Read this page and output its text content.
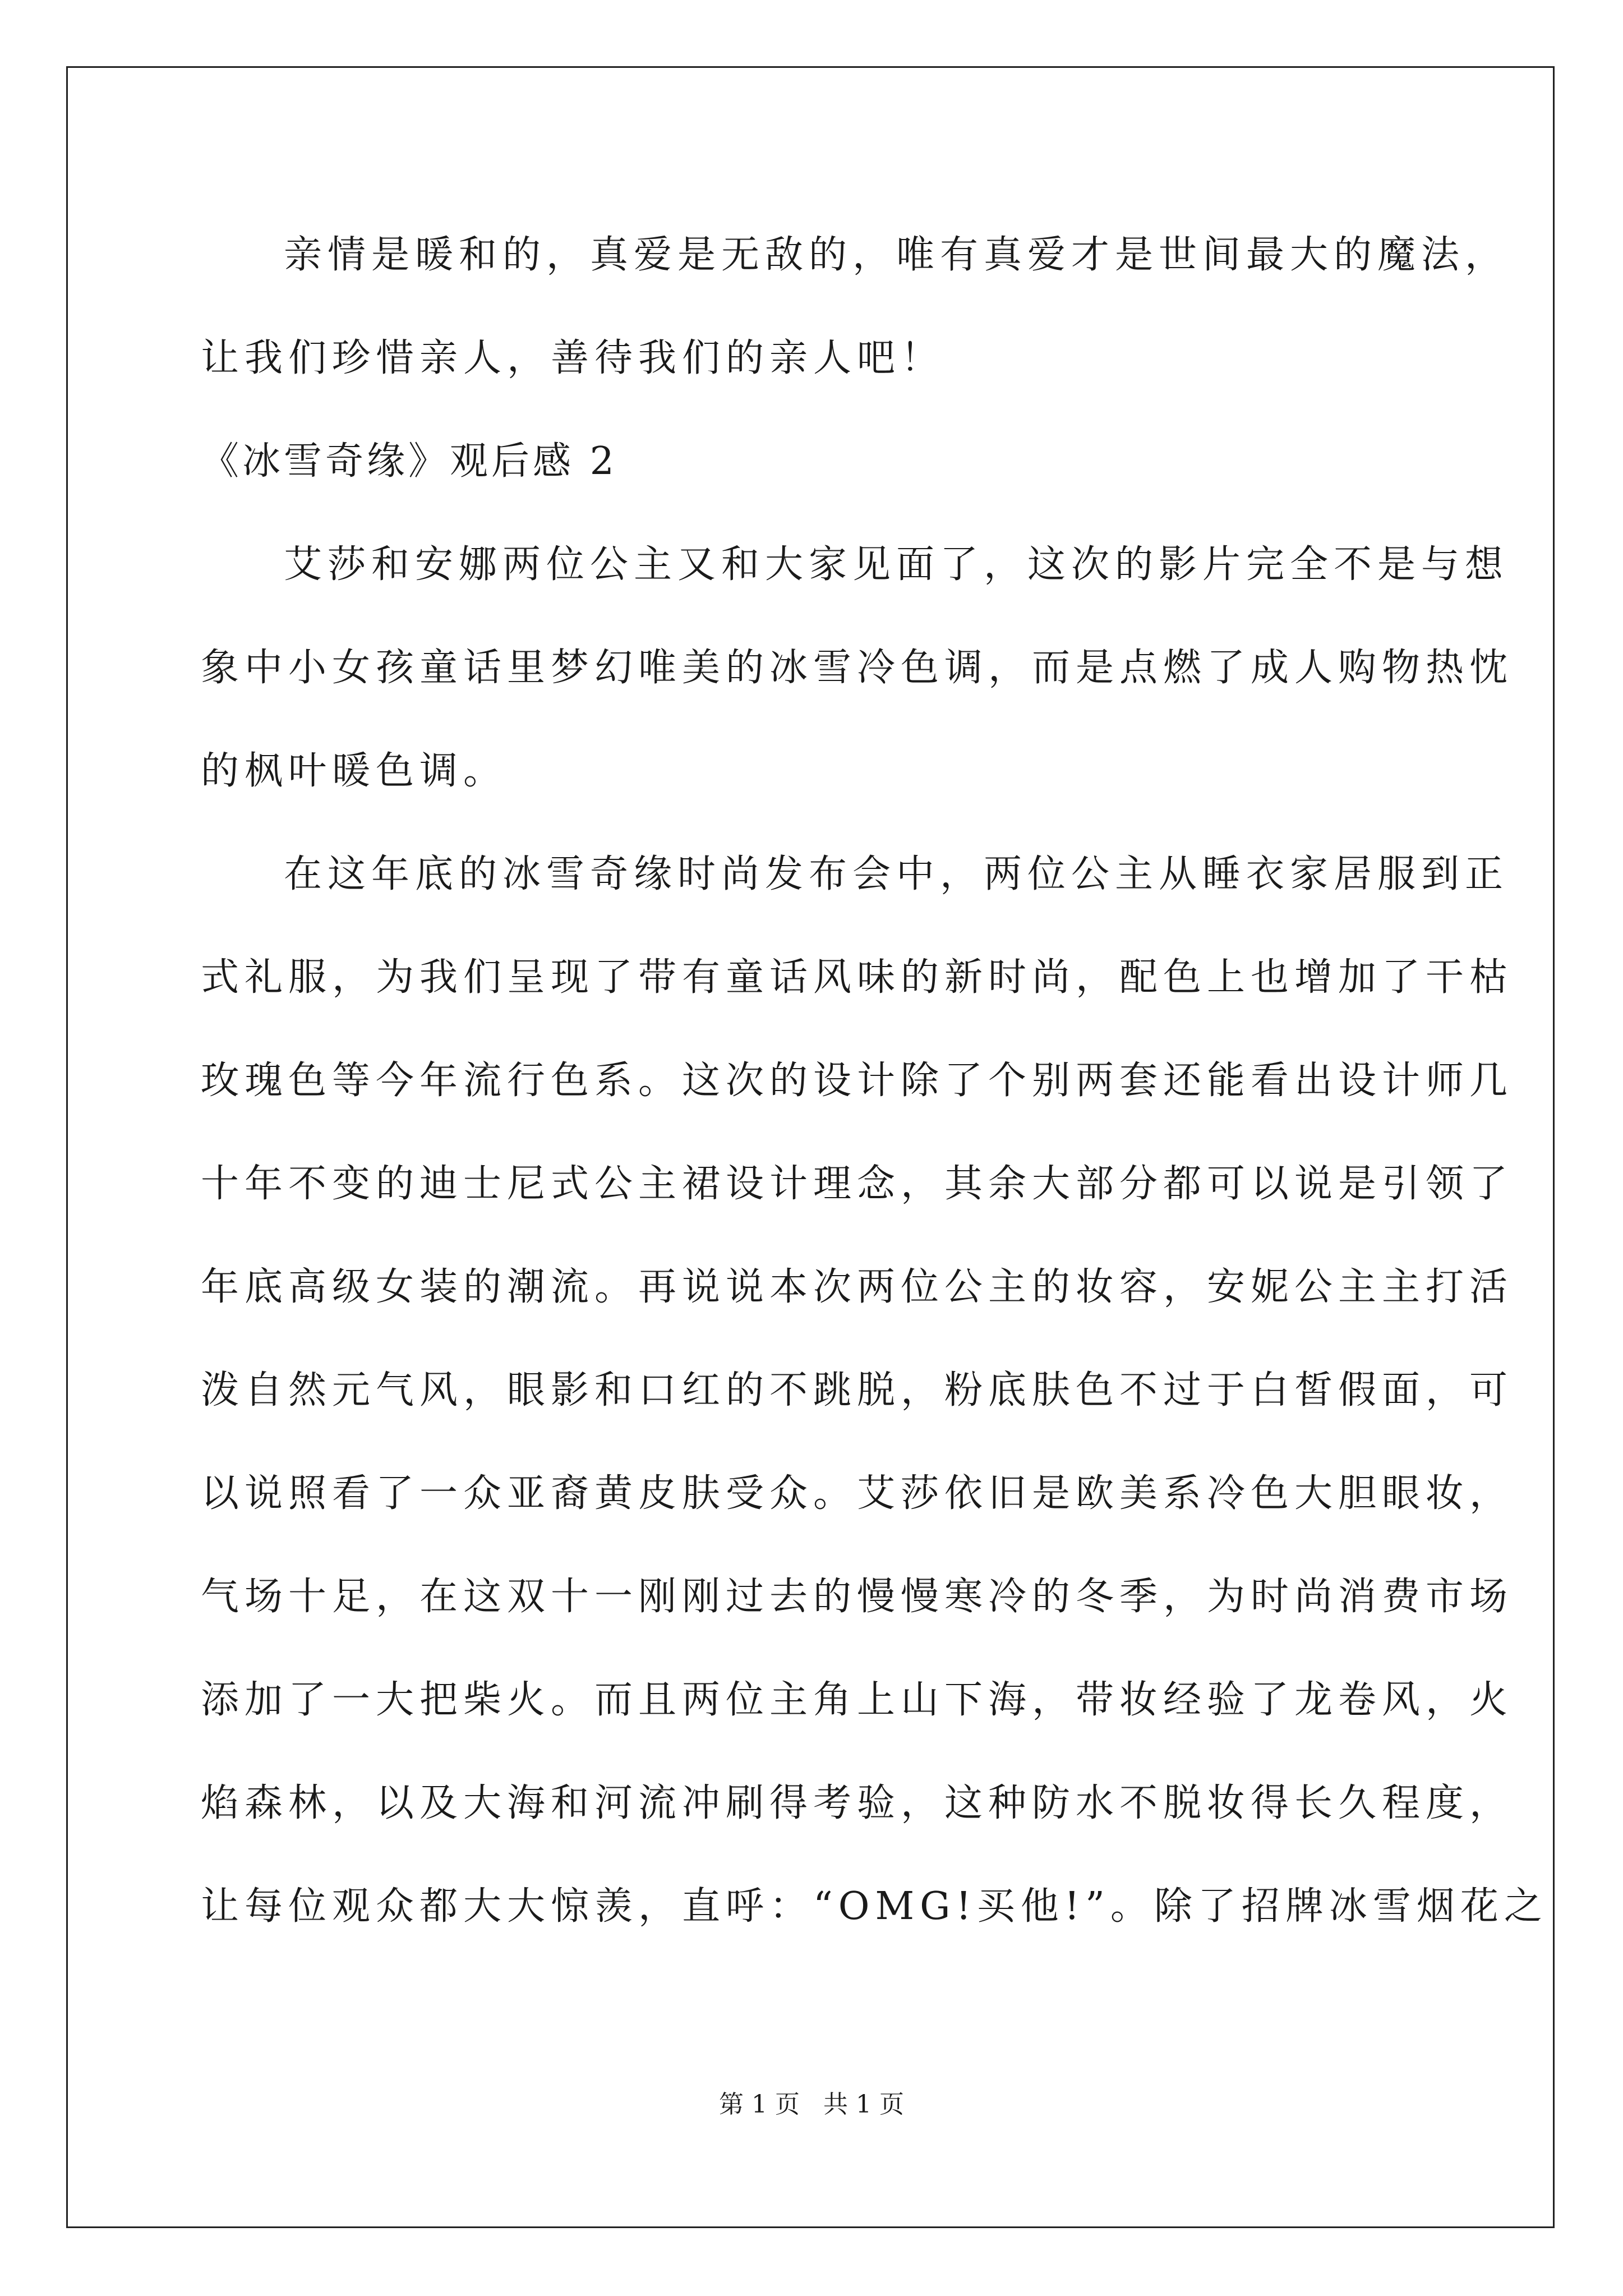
亲情是暖和的，真爱是无敌的，唯有真爱才是世间最大的魔法，
让我们珍惜亲人，善待我们的亲人吧！
《冰雪奇缘》观后感 2
艾莎和安娜两位公主又和大家见面了，这次的影片完全不是与想
象中小女孩童话里梦幻唯美的冰雪冷色调，而是点燃了成人购物热忱
的枫叶暖色调。
在这年底的冰雪奇缘时尚发布会中，两位公主从睡衣家居服到正
式礼服，为我们呈现了带有童话风味的新时尚，配色上也增加了干枯
玫瑰色等今年流行色系。这次的设计除了个别两套还能看出设计师几
十年不变的迪士尼式公主裙设计理念，其余大部分都可以说是引领了
年底高级女装的潮流。再说说本次两位公主的妆容，安妮公主主打活
泼自然元气风，眼影和口红的不跳脱，粉底肤色不过于白皙假面，可
以说照看了一众亚裔黄皮肤受众。艾莎依旧是欧美系冷色大胆眼妆，
气场十足，在这双十一刚刚过去的慢慢寒冷的冬季，为时尚消费市场
添加了一大把柴火。而且两位主角上山下海，带妆经验了龙卷风，火
焰森林，以及大海和河流冲刷得考验，这种防水不脱妆得长久程度，
让每位观众都大大惊羡，直呼：“OMG!买他!”。除了招牌冰雪烟花之
第 1 页 共 1 页
